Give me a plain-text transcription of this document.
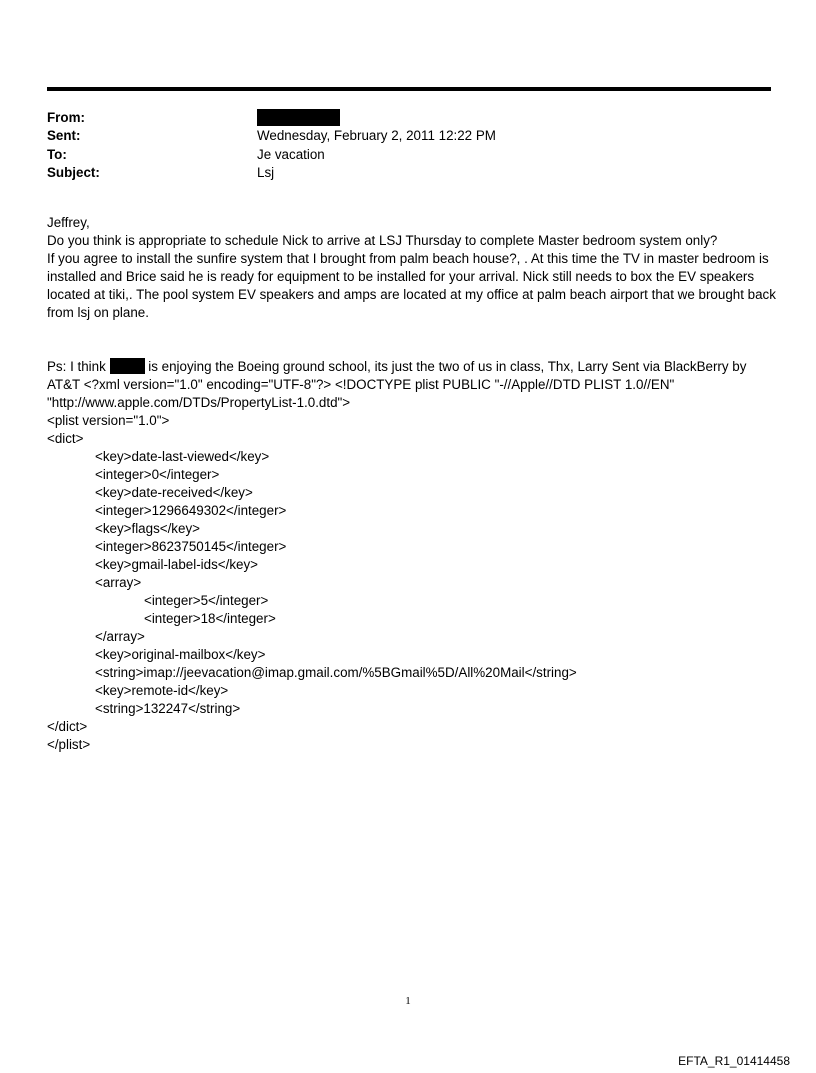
From:
Sent:	Wednesday, February 2, 2011 12:22 PM
To:	Je vacation
Subject:	Lsj

Jeffrey,

Do you think is appropriate to schedule Nick to arrive at LSJ Thursday to complete Master bedroom system only?

If you agree to install the sunfire system that I brought from palm beach house?, . At this time the TV in master bedroom is installed and Brice said he is ready for equipment to be installed for your arrival. Nick still needs to box the EV speakers located at tiki,. The pool system EV speakers and amps are located at my office at palm beach airport that we brought back from lsj on plane.

Ps: I think	is enjoying the Boeing ground school, its just the two of us in class, Thx, Larry Sent via BlackBerry by AT&T <?xml version="1.0" encoding="UTF-8"?> <!DOCTYPE plist PUBLIC "-//Apple//DTD PLIST 1.0//EN" "http://www.apple.com/DTDs/PropertyList-1.0.dtd">

<plist version="1.0">
<dict>
<key>date-last-viewed</key>
<integer>0</integer>
<key>date-received</key>
<integer>1296649302</integer>
<key>flags</key>
<integer>8623750145</integer>
<key>gmail-label-ids</key>
<array>
<integer>5</integer>
<integer>18</integer>
</array>
<key>original-mailbox</key>
<string>imap://jeevacation@imap.gmail.com/%5BGmail%5D/All%20Mail</string>
<key>remote-id</key>
<string>132247</string>
</dict>
</plist>
1
EFTA_R1_01414458
